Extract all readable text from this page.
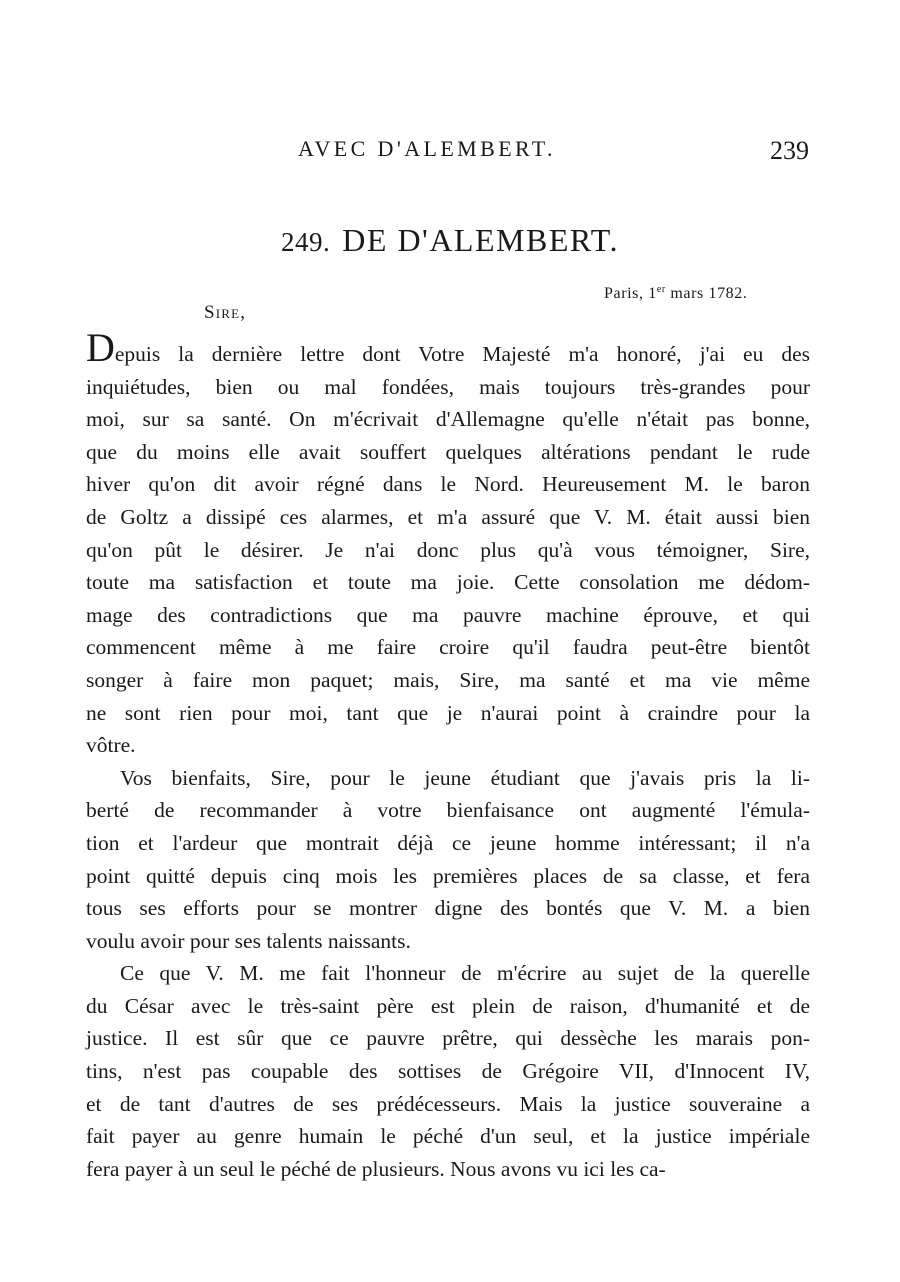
AVEC D'ALEMBERT.	239
249. DE D'ALEMBERT.
Paris, 1er mars 1782.
Sire,
Depuis la dernière lettre dont Votre Majesté m'a honoré, j'ai eu des
inquiétudes, bien ou mal fondées, mais toujours très-grandes pour
moi, sur sa santé. On m'écrivait d'Allemagne qu'elle n'était pas bonne,
que du moins elle avait souffert quelques altérations pendant le rude
hiver qu'on dit avoir régné dans le Nord. Heureusement M. le baron
de Goltz a dissipé ces alarmes, et m'a assuré que V. M. était aussi bien
qu'on pût le désirer. Je n'ai donc plus qu'à vous témoigner, Sire,
toute ma satisfaction et toute ma joie. Cette consolation me dédom-
mage des contradictions que ma pauvre machine éprouve, et qui
commencent même à me faire croire qu'il faudra peut-être bientôt
songer à faire mon paquet; mais, Sire, ma santé et ma vie même
ne sont rien pour moi, tant que je n'aurai point à craindre pour la
vôtre.
Vos bienfaits, Sire, pour le jeune étudiant que j'avais pris la li-
berté de recommander à votre bienfaisance ont augmenté l'émula-
tion et l'ardeur que montrait déjà ce jeune homme intéressant; il n'a
point quitté depuis cinq mois les premières places de sa classe, et fera
tous ses efforts pour se montrer digne des bontés que V. M. a bien
voulu avoir pour ses talents naissants.
Ce que V. M. me fait l'honneur de m'écrire au sujet de la querelle
du César avec le très-saint père est plein de raison, d'humanité et de
justice. Il est sûr que ce pauvre prêtre, qui dessèche les marais pon-
tins, n'est pas coupable des sottises de Grégoire VII, d'Innocent IV,
et de tant d'autres de ses prédécesseurs. Mais la justice souveraine a
fait payer au genre humain le péché d'un seul, et la justice impériale
fera payer à un seul le péché de plusieurs. Nous avons vu ici les ca-
